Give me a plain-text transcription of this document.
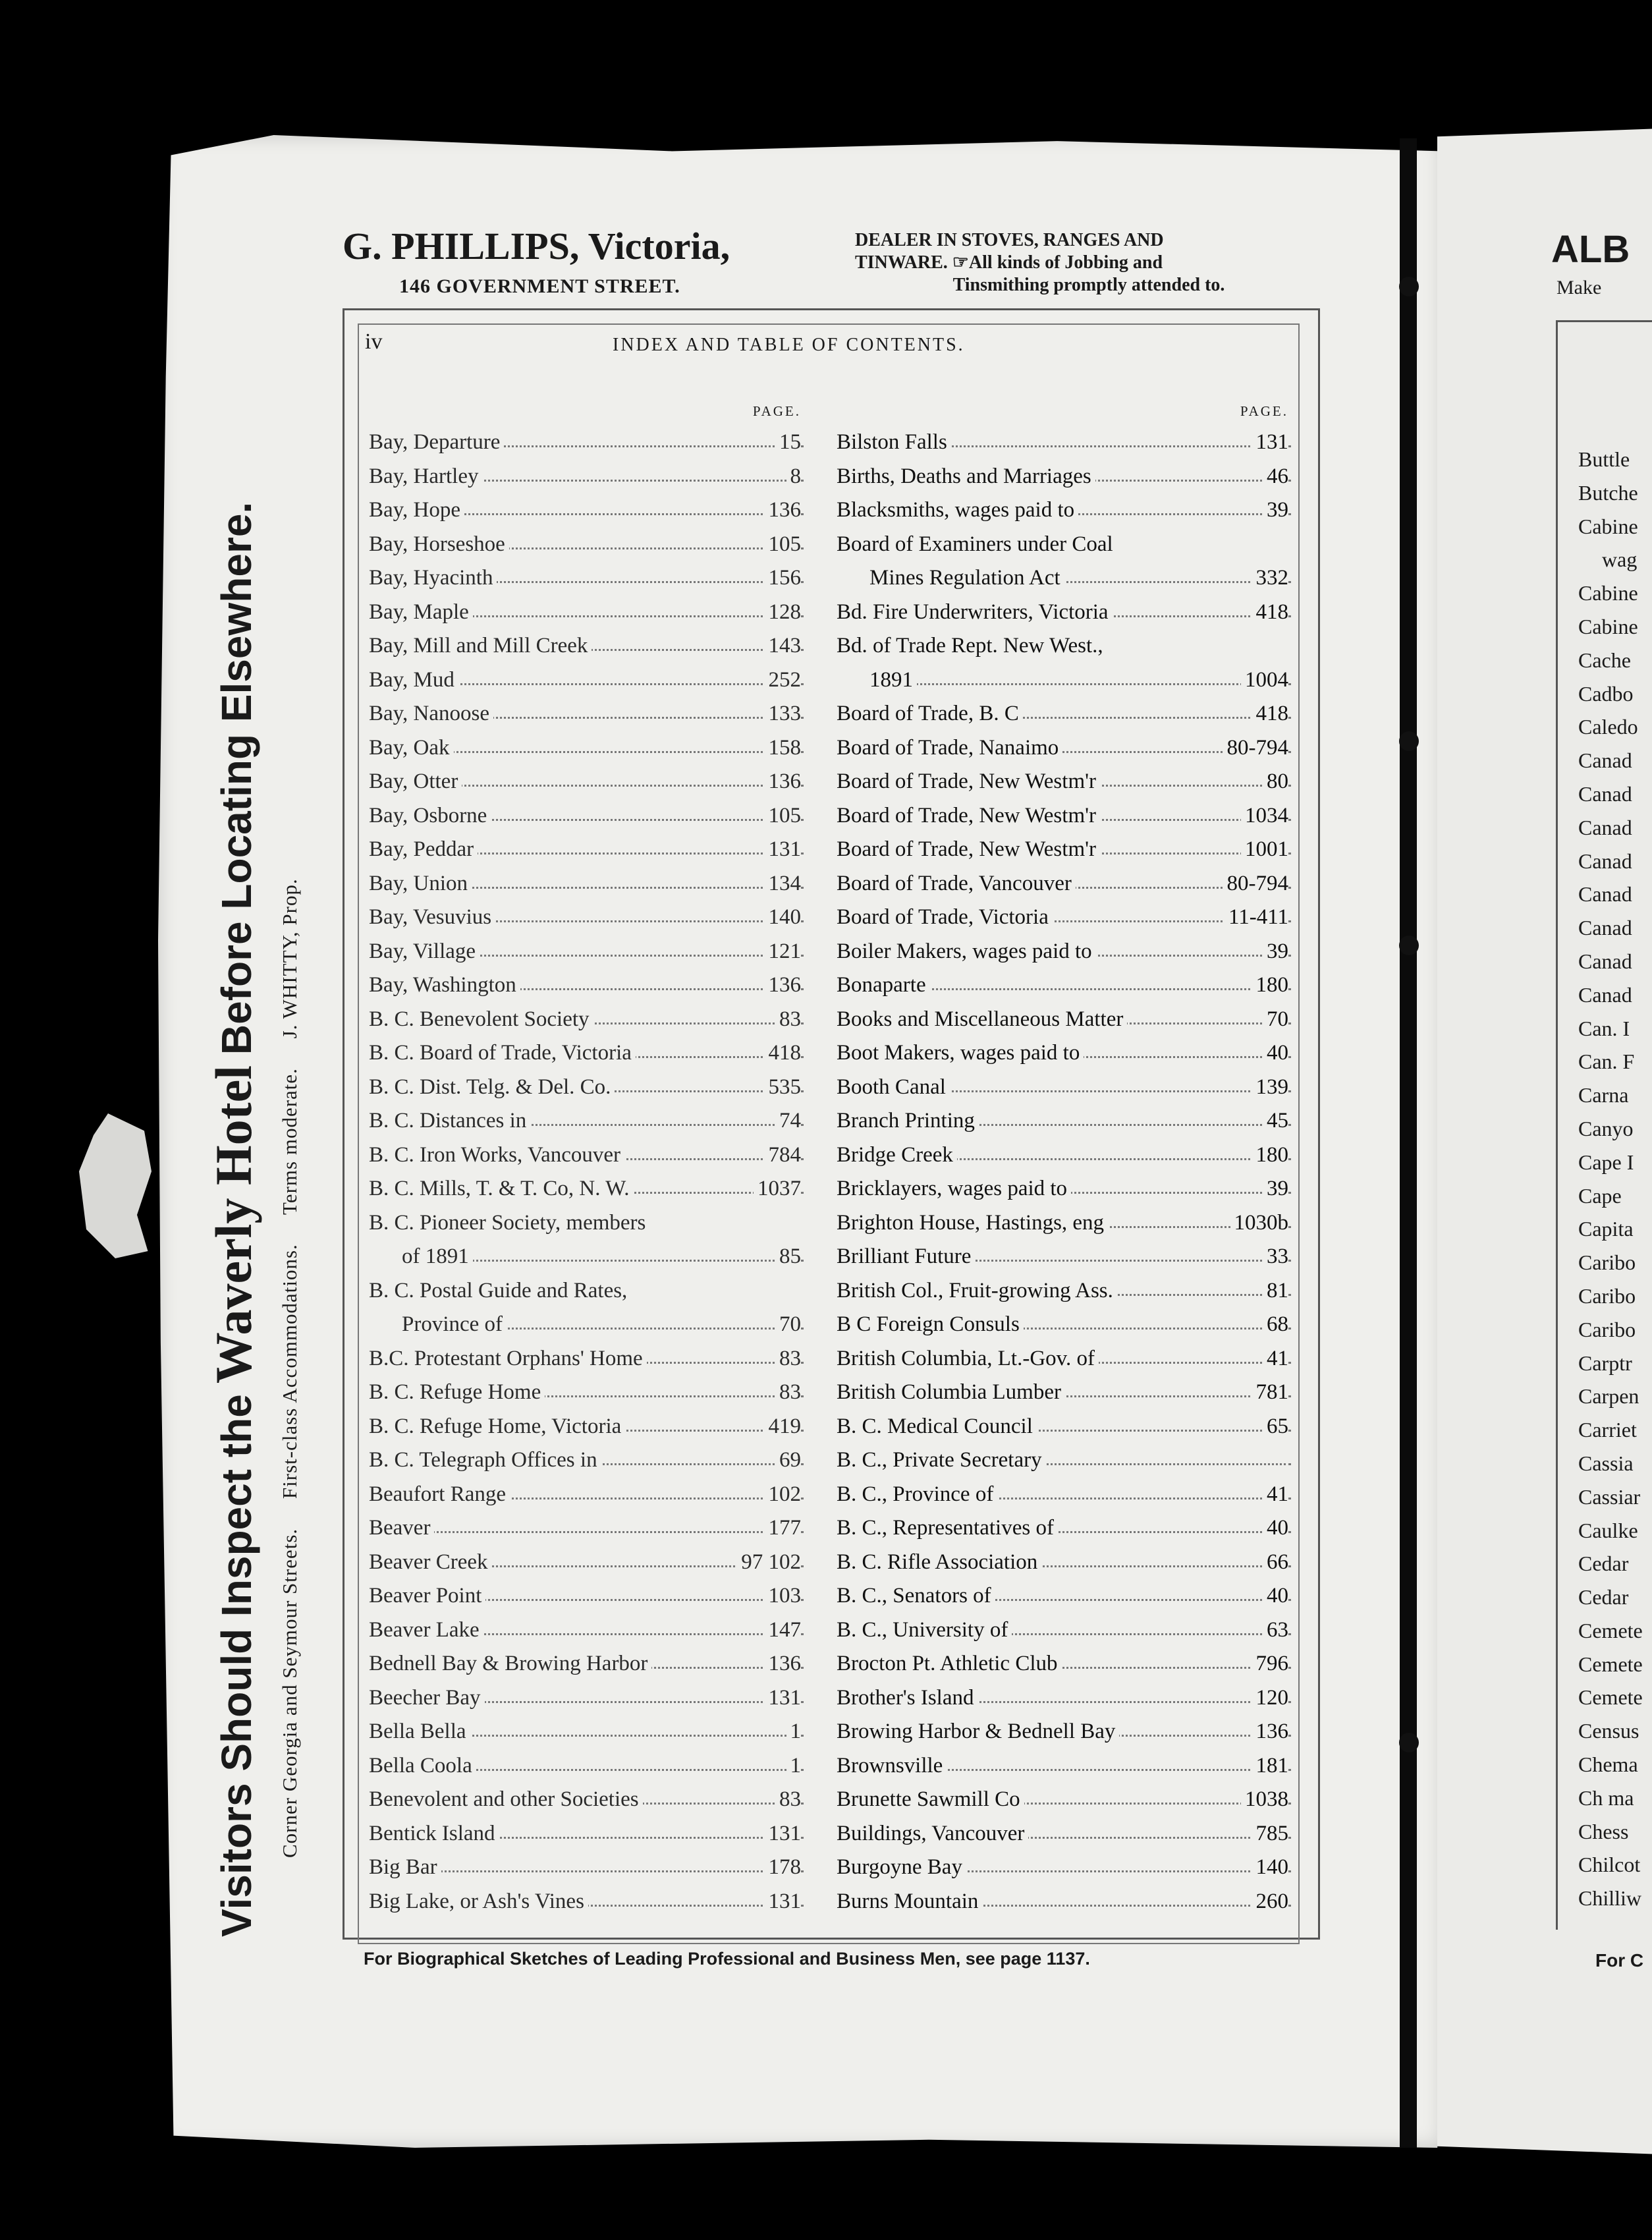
Visitors Should Inspect the Waverly Hotel Before Locating Elsewhere.
Corner Georgia and Seymour Streets. First-class Accommodations. Terms moderate. J. WHITTY, Prop.
G. PHILLIPS, Victoria,
146 GOVERNMENT STREET.
DEALER IN STOVES, RANGES AND
TINWARE. ☞All kinds of Jobbing and
Tinsmithing promptly attended to.
iv	INDEX AND TABLE OF CONTENTS.
PAGE.
Bay, Departure	15
Bay, Hartley	8
Bay, Hope	136
Bay, Horseshoe	105
Bay, Hyacinth	156
Bay, Maple	128
Bay, Mill and Mill Creek	143
Bay, Mud	252
Bay, Nanoose	133
Bay, Oak	158
Bay, Otter	136
Bay, Osborne	105
Bay, Peddar	131
Bay, Union	134
Bay, Vesuvius	140
Bay, Village	121
Bay, Washington	136
B. C. Benevolent Society	83
B. C. Board of Trade, Victoria	418
B. C. Dist. Telg. & Del. Co.	535
B. C. Distances in	74
B. C. Iron Works, Vancouver	784
B. C. Mills, T. & T. Co, N. W.	1037
B. C. Pioneer Society, members
of 1891	85
B. C. Postal Guide and Rates,
Province of	70
B.C. Protestant Orphans' Home	83
B. C. Refuge Home	83
B. C. Refuge Home, Victoria	419
B. C. Telegraph Offices in	69
Beaufort Range	102
Beaver	177
Beaver Creek	97 102
Beaver Point	103
Beaver Lake	147
Bednell Bay & Browing Harbor	136
Beecher Bay	131
Bella Bella	1
Bella Coola	1
Benevolent and other Societies	83
Bentick Island	131
Big Bar	178
Big Lake, or Ash's Vines	131
PAGE.
Bilston Falls	131
Births, Deaths and Marriages	46
Blacksmiths, wages paid to	39
Board of Examiners under Coal
Mines Regulation Act	332
Bd. Fire Underwriters, Victoria	418
Bd. of Trade Rept. New West.,
1891	1004
Board of Trade, B. C	418
Board of Trade, Nanaimo	80-794
Board of Trade, New Westm'r	80
Board of Trade, New Westm'r	1034
Board of Trade, New Westm'r	1001
Board of Trade, Vancouver	80-794
Board of Trade, Victoria	11-411
Boiler Makers, wages paid to	39
Bonaparte	180
Books and Miscellaneous Matter	70
Boot Makers, wages paid to	40
Booth Canal	139
Branch Printing	45
Bridge Creek	180
Bricklayers, wages paid to	39
Brighton House, Hastings, eng	1030b
Brilliant Future	33
British Col., Fruit-growing Ass.	81
B C Foreign Consuls	68
British Columbia, Lt.-Gov. of	41
British Columbia Lumber	781
B. C. Medical Council	65
B. C., Private Secretary
B. C., Province of	41
B. C., Representatives of	40
B. C. Rifle Association	66
B. C., Senators of	40
B. C., University of	63
Brocton Pt. Athletic Club	796
Brother's Island	120
Browing Harbor & Bednell Bay	136
Brownsville	181
Brunette Sawmill Co	1038
Buildings, Vancouver	785
Burgoyne Bay	140
Burns Mountain	260
For Biographical Sketches of Leading Professional and Business Men, see page 1137.
ALB
Make
Buttle
Butche
Cabine
wag
Cabine
Cabine
Cache
Cadbo
Caledo
Canad
Canad
Canad
Canad
Canad
Canad
Canad
Canad
Can. I
Can. F
Carna
Canyo
Cape I
Cape
Capita
Caribo
Caribo
Caribo
Carptr
Carpen
Carriet
Cassia
Cassiar
Caulke
Cedar
Cedar
Cemete
Cemete
Cemete
Census
Chema
Ch ma
Chess
Chilcot
Chilliw
For C
